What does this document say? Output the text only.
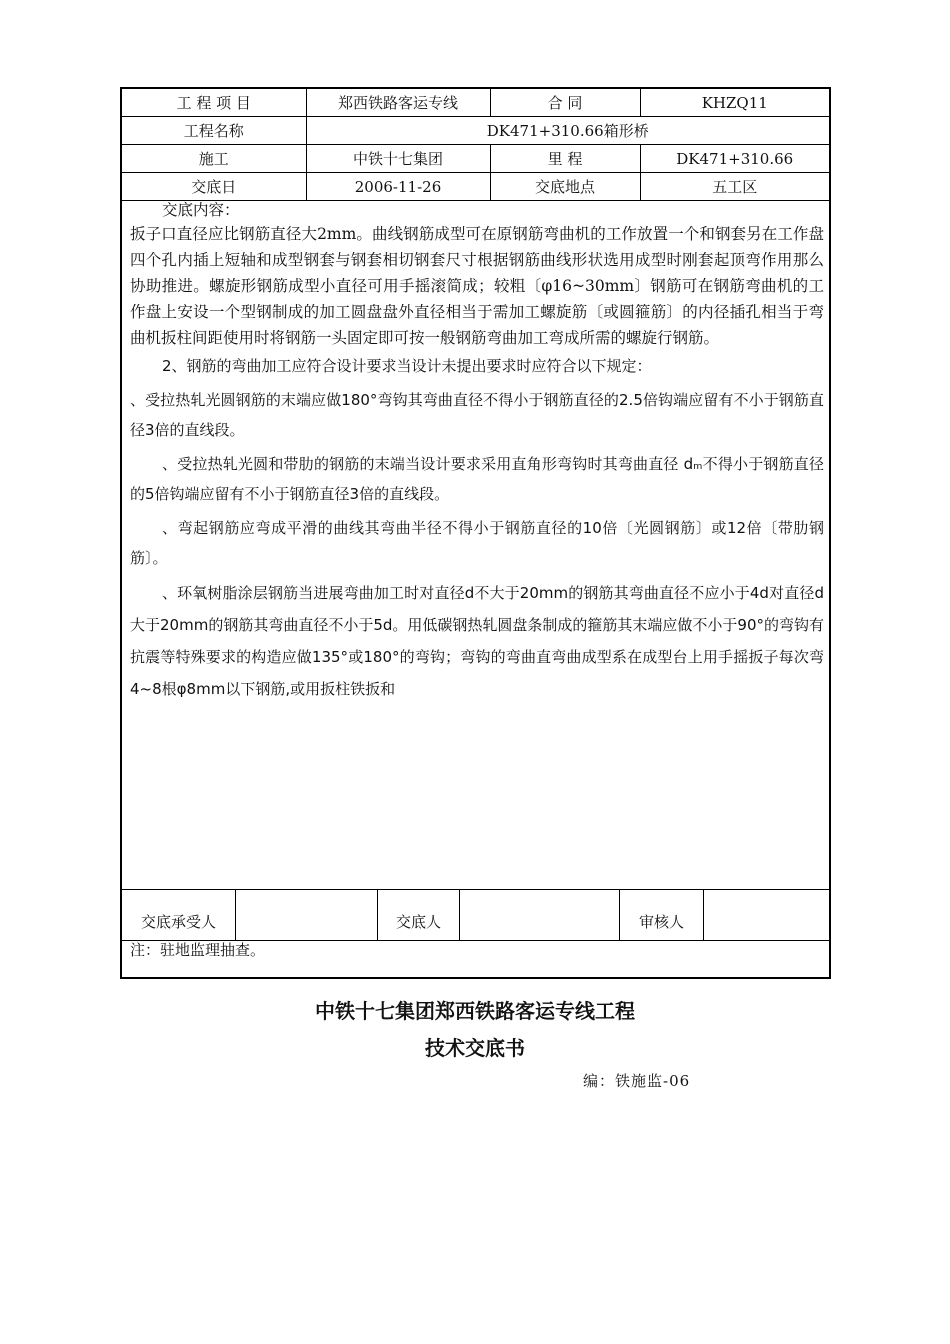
工 程 项 目	郑西铁路客运专线	合 同	KHZQ11
工程名称	DK471+310.66箱形桥		
施工	中铁十七集团	里 程	DK471+310.66
交底日	2006-11-26	交底地点	五工区

交底内容：

扳子口直径应比钢筋直径大2mm。曲线钢筋成型可在原钢筋弯曲机的工作放置一个和钢套另在工作盘四个孔内插上短轴和成型钢套与钢套相切钢套尺寸根据钢筋曲线形状选用成型时刚套起顶弯作用那么协助推进。螺旋形钢筋成型小直径可用手摇滚简成；较粗〔φ16~30mm〕钢筋可在钢筋弯曲机的工作盘上安设一个型钢制成的加工圆盘盘外直径相当于需加工螺旋筋〔或圆箍筋〕的内径插孔相当于弯曲机扳柱间距使用时将钢筋一头固定即可按一般钢筋弯曲加工弯成所需的螺旋行钢筋。

2、钢筋的弯曲加工应符合设计要求当设计未提出要求时应符合以下规定：

、受拉热轧光圆钢筋的末端应做180°弯钩其弯曲直径不得小于钢筋直径的2.5倍钩端应留有不小于钢筋直径3倍的直线段。

、受拉热轧光圆和带肋的钢筋的末端当设计要求采用直角形弯钩时其弯曲直径 dₘ不得小于钢筋直径的5倍钩端应留有不小于钢筋直径3倍的直线段。

、弯起钢筋应弯成平滑的曲线其弯曲半径不得小于钢筋直径的10倍〔光圆钢筋〕或12倍〔带肋钢筋〕。

、环氧树脂涂层钢筋当进展弯曲加工时对直径d不大于20mm的钢筋其弯曲直径不应小于4d对直径d大于20mm的钢筋其弯曲直径不小于5d。用低碳钢热轧圆盘条制成的箍筋其末端应做不小于90°的弯钩有抗震等特殊要求的构造应做135°或180°的弯钩；弯钩的弯曲直弯曲成型系在成型台上用手摇扳子每次弯4~8根φ8mm以下钢筋,或用扳柱铁扳和

交底承受人	交底人	审核人
注：驻地监理抽查。
中铁十七集团郑西铁路客运专线工程
技术交底书
编：铁施监-06
